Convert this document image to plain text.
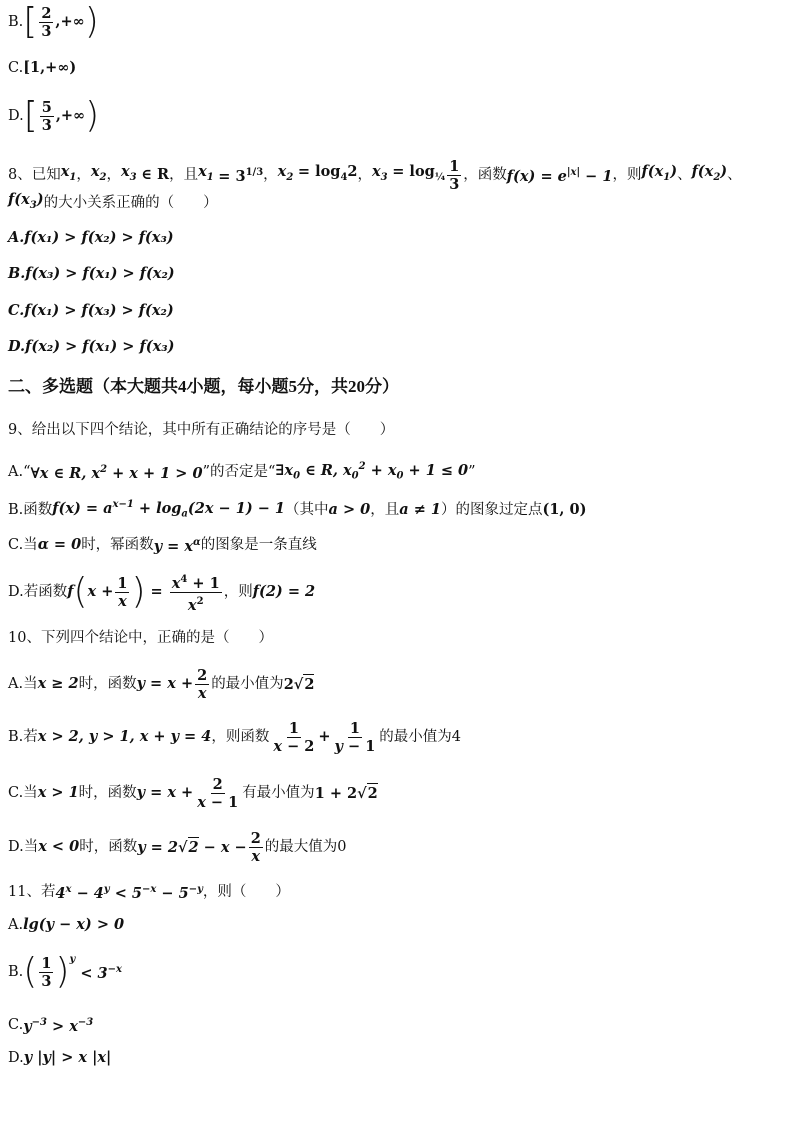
B. [ $\frac{2}{3}$ ,+∞ )
C. [1,+∞)
D. [ $\frac{5}{3}$ ,+∞ )
8、已知 $x_1$ ， $x_2$ ， $x_3$
∈ R ， 且 $x_1$
= $3^{1/3}$ ， $x_2$
= $\log_42$ ， $x_3$
= $\log_{\frac{1}{4}} \frac{1}{3}$ ， 函数 $f(x) = e^{|x|} - 1$ ， 则 $f(x_1)$ 、 $f(x_2)$ 、
$f(x_3)$ 的大小关系正确的（　　）
A.f(x₁) > f(x₂) > f(x₃)
B.f(x₃) > f(x₁) > f(x₂)
C.f(x₁) > f(x₃) > f(x₂)
D.f(x₂) > f(x₁) > f(x₃)
二、多选题（本大题共4小题，每小题5分，共20分）
9、给出以下四个结论，其中所有正确结论的序号是（　　）
A.“ ∀x ∈ R, $x^2 + x + 1 > 0$ ”的否定是“ $\exists x_0$ ∈ R, $x_0^2 + x_0 + 1 \le 0$ ”
B.函数 $f(x) = a^{x-1} + \log_a(2x - 1) - 1$ （其中 a > 0 ，且 a ≠ 1 ）的图象过定点 (1, 0)
C.当 α = 0 时，幂函数 $y = x^\alpha$ 的图象是一条直线
D.若函数 f ( $x + \frac{1}{x}$ ) = $\frac{x^4 + 1}{x^2}$ ，则 f(2) = 2
10、下列四个结论中，正确的是（　　）
A.当 x ≥ 2 时，函数 $y = x + \frac{2}{x}$ 的最小值为 2√2
B.若 x > 2, y > 1, x + y = 4 ，则函数 $\frac{1}{x - 2} + \frac{1}{y - 1}$ 的最小值为4
C.当 x > 1 时，函数 $y = x + \frac{2}{x - 1}$ 有最小值为 1 + 2√2
D.当 x < 0 时，函数 $y = 2√2 - x - \frac{2}{x}$ 的最大值为0
11、若 $4^x - 4^y < 5^{-x} - 5^{-y}$ ，则（　　）
A. lg(y − x) > 0
B. ( $\frac{1}{3}$ ) $^y$
< $3^{-x}$
C. $y^{-3} > x^{-3}$
D. y |y| > x |x|
